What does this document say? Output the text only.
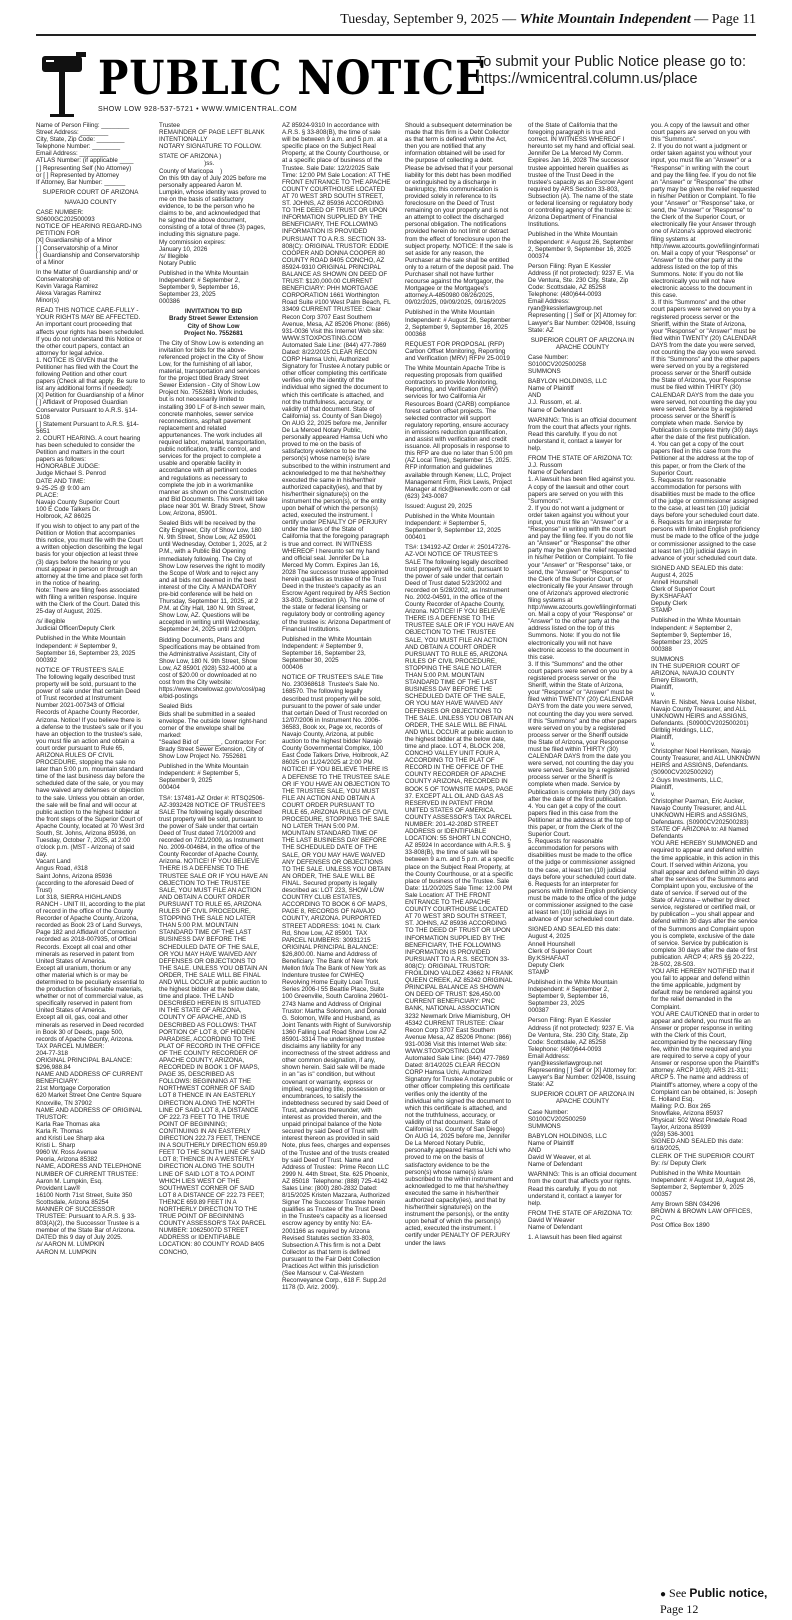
Tuesday, September 9, 2025 — White Mountain Independent — Page 11
PUBLIC NOTICE
SHOW LOW 928-537-5721 • WWW.WMICENTRAL.COM
To submit your Public Notice please go to: https://wmicentral.column.us/place

Name of Person Filing: ________
Street Address: ________
City, State, Zip Code: ________
Telephone Number: ________
Email Address: ________
ATLAS Number: (if applicable ____
[ ] Representing Self (No Attorney)
or [ ] Represented by Attorney
If Attorney, Bar Number: ______

SUPERIOR COURT OF ARIZONA

NAVAJO COUNTY

CASE NUMBER:
S0600GC202500093
NOTICE OF HEARING REGARD-ING PETITION FOR
[X] Guardianship of a Minor
[ ] Conservatorship of a Minor
[ ] Guardianship and Conservatorship of a Minor

In the Matter of Guardianship and/ or Conservatorship of:
Kevin Varaga Ramirez
Alexa Varagas Ramirez
Minor(s)

READ THIS NOTICE CARE-FULLY - YOUR RIGHTS MAY BE AFFECTED. An important court proceeding that affects your rights has been scheduled. If you do not understand this Notice or the other court papers, contact an attorney for legal advice.
1. NOTICE IS GIVEN that the Petitioner has filed with the Court the following Petition and other court papers (Check all that apply. Be sure to list any additional forms if needed):
[X] Petition for Guardianship of a Minor
[ ] Affidavit of Proposed Guardian Conservator Pursuant to A.R.S. §14-5108
[ ] Statement Pursuant to A.R.S. §14-5651
2. COURT HEARING. A court hearing has been scheduled to consider the Petition and matters in the court papers as follows:
HONORABLE JUDGE:
Judge Michael S. Penrod
DATE AND TIME:
9-25-25 @ 9:00 am
PLACE:
Navajo County Superior Court
100 E Code Talkers Dr.
Holbrook, AZ 86025

If you wish to object to any part of the Petition or Motion that accompanies this notice, you must file with the Court a written objection describing the legal basis for your objection at least three (3) days before the hearing or you must appear in person or through an attorney at the time and place set forth in the notice of hearing.
Note: There are filing fees associated with filing a written response. Inquire with the Clerk of the Court. Dated this 25-day of August, 2025.

/s/ illegible
Judicial Officer/Deputy Clerk

Published in the White Mountain Independent: # September 9, September 16, September 23, 2025
000392

NOTICE OF TRUSTEE'S SALE
The following legally described trust property will be sold, pursuant to the power of sale under that certain Deed of Trust recorded at Instrument Number 2021-007343 of Official Records of Apache County Recorder, Arizona. Notice! If you believe there is a defense to the trustee's sale or if you have an objection to the trustee's sale, you must file an action and obtain a court order pursuant to Rule 65, ARIZONA RULES OF CIVIL PROCEDURE, stopping the sale no later than 5:00 p.m. mountain standard time of the last business day before the scheduled date of the sale, or you may have waived any defenses or objection to the sale. Unless you obtain an order, the sale will be final and will occur at public auction to the highest bidder at the front steps of the Superior Court of Apache County, located at 70 West 3rd South, St. Johns, Arizona 85936, on Tuesday, October 7, 2025, at 2:00 o'clock p.m. (MST - Arizona) of said day.
Vacant Land
Angus Road, #318
Saint Johns, Arizona 85936
(according to the aforesaid Deed of Trust)
Lot 318, SIERRA HIGHLANDS RANCH - UNIT III, according to the plat of record in the office of the County Recorder of Apache County, Arizona, recorded as Book 23 of Land Surveys, Page 182 and Affidavit of Correction recorded as 2018-007935, of Official Records. Except all coal and other minerals as reserved in patent from United States of America.
Except all uranium, thorium or any other material which is or may be determined to be peculiarly essential to the production of fissionable materials, whether or not of commercial value, as specifically reserved in patent from United States of America.
Except all oil, gas, coal and other minerals as reserved in Deed recorded in Book 30 of Deeds, page 500, records of Apache County, Arizona.
TAX PARCEL NUMBER:
204-77-318
ORIGINAL PRINCIPAL BALANCE: $296,988.84
NAME AND ADDRESS OF CURRENT BENEFICIARY:
21st Mortgage Corporation
620 Market Street One Centre Square Knoxville, TN 37902
NAME AND ADDRESS OF ORIGINAL TRUSTOR:
Karla Rae Thomas aka
Karla R. Thomas
and Kristi Lee Sharp aka
Kristi L. Sharp
9960 W. Ross Avenue
Peoria, Arizona 85382
NAME, ADDRESS AND TELEPHONE NUMBER OF CURRENT TRUSTEE:
Aaron M. Lumpkin, Esq.
Provident Law®
16100 North 71st Street, Suite 350
Scottsdale, Arizona 85254
MANNER OF SUCCESSOR TRUSTEE: Pursuant to A.R.S. § 33-803(A)(2), the Successor Trustee is a member of the State Bar of Arizona.
DATED this 9 day of July 2025.
/s/ AARON M. LUMPKIN
AARON M. LUMPKIN

Trustee
REMAINDER OF PAGE LEFT BLANK INTENTIONALLY
NOTARY SIGNATURE TO FOLLOW.

STATE OF ARIZONA )
)ss.
County of Maricopa    )
On this 9th day of July 2025 before me personally appeared Aaron M. Lumpkin, whose identity was proved to me on the basis of satisfactory evidence, to be the person who he claims to be, and acknowledged that he signed the above document, consisting of a total of three (3) pages, including this signature page.
My commission expires:
January 10, 2026
/s/ Illegible
Notary Public

Published in the White Mountain  Independent: # September 2, September 9, September 16, September 23, 2025
000386

INVITATION TO BID
Brady Street Sewer Extension
City of Show Low
Project No. 7552681

The City of Show Low is extending an invitation for bids for the above-referenced project in the City of Show Low, for the furnishing of all labor, material, transportation and services for the project titled Brady Street Sewer Extension - City of Show Low Project No. 7552681 Work includes, but is not necessarily limited to installing 390 LF of 8-inch sewer main, concrete manholes, sewer service reconnections, asphalt pavement replacement and related appurtenances. The work includes all required labor, material, transportation, public notification, traffic control, and services for the project to complete a usable and operable facility in accordance with all pertinent codes and regulations as necessary to complete the job in a workmanlike manner as shown on the Construction and Bid Documents. This work will take place near 301 W. Brady Street, Show Low, Arizona, 85901.

Sealed Bids will be received by the City Engineer, City of Show Low, 180 N. 9th Street, Show Low, AZ 85901 until Wednesday, October 1, 2025, at 2 P.M., with a Public Bid Opening immediately following. The City of Show Low reserves the right to modify the Scope of Work and to reject any and all bids not deemed in the best interest of the City. A MANDATORY pre-bid conference will be held on Thursday, September 11, 2025, at 2 P.M. at City Hall, 180 N. 9th Street, Show Low, AZ. Questions will be accepted in writing until Wednesday, September 24, 2025 until 12:00pm.

Bidding Documents, Plans and Specifications may be obtained from the Administrative Assistant, City of Show Low, 180 N. 9th Street, Show Low, AZ 85901 (928) 532-4000 at a cost of $20.00 or downloaded at no cost from the City website:
https://www.showlowaz.gov/o/cosl/page/bid-postings

Sealed Bids
Bids shall be submitted in a sealed envelope. The outside lower right-hand corner of the envelope shall be marked:
"Sealed Bid of ______, Contractor For: Brady Street Sewer Extension, City of Show Low Project No. 7552681

Published in the White Mountain Independent: # September 5, September 9, 2025
000404

TS#: 137481-AZ Order #: RTSQ2506-AZ-3932428 NOTICE OF TRUSTEE'S SALE The following legally described trust property will be sold, pursuant to the power of Sale under that certain Deed of Trust dated 7/10/2009 and recorded on 7/21/2009, as Instrument No. 2009-004684, in the office of the County Recorder of Apache County, Arizona. NOTICE! IF YOU BELIEVE THERE IS A DEFENSE TO THE TRUSTEE SALE OR IF YOU HAVE AN OBJECTION TO THE TRUSTEE SALE, YOU MUST FILE AN ACTION AND OBTAIN A COURT ORDER PURSUANT TO RULE 65, ARIZONA RULES OF CIVIL PROCEDURE, STOPPING THE SALE NO LATER THAN 5:00 P.M. MOUNTAIN STANDARD TIME OF THE LAST BUSINESS DAY BEFORE THE SCHEDULED DATE OF THE SALE, OR YOU MAY HAVE WAIVED ANY DEFENSES OR OBJECTIONS TO THE SALE. UNLESS YOU OBTAIN AN ORDER, THE SALE WILL BE FINAL AND WILL OCCUR at public auction to the highest bidder at the below date, time and place. THE LAND DESCRIBED HEREIN IS SITUATED IN THE STATE OF ARIZONA, COUNTY OF APACHE, AND IS DESCRIBED AS FOLLOWS: THAT PORTION OF LOT 8, OF HIDDEN PARADISE, ACCORDING TO THE PLAT OF RECORD IN THE OFFICE OF THE COUNTY RECORDER OF APACHE COUNTY, ARIZONA, RECORDED IN BOOK 1 OF MAPS, PAGE 35, DESCRIBED AS FOLLOWS: BEGINNING AT THE NORTHWEST CORNER OF SAID LOT 8 THENCE IN AN EASTERLY DIRECTION ALONG THE NORTH LINE OF SAID LOT 8, A DISTANCE OF 222.73 FEET TO THE TRUE POINT OF BEGINNING; CONTINUING IN AN EASTERLY DIRECTION 222.73 FEET, THENCE IN A SOUTHERLY DIRECTION 659.89 FEET TO THE SOUTH LINE OF SAID LOT 8; THENCE IN A WESTERLY DIRECTION ALONG THE SOUTH LINE OF SAID LOT 8 TO A POINT WHICH LIES WEST OF THE SOUTHWEST CORNER OF SAID LOT 8 A DISTANCE OF 222.73 FEET; THENCE 659.89 FEET IN A NORTHERLY DIRECTION TO THE TRUE POINT OF BEGINNING COUNTY ASSESSOR'S TAX PARCEL NUMBER: 10625007D STREET ADDRESS or IDENTIFIABLE LOCATION: 80 COUNTY ROAD 8405 CONCHO,

AZ 85924-9310 In accordance with A.R.S. § 33-808(B), the time of sale will be between 9 a.m. and 5 p.m. at a specific place on the Subject Real Property, at the County Courthouse, or at a specific place of business of the Trustee. Sale Date: 12/2/2025 Sale Time: 12:00 PM Sale Location: AT THE FRONT ENTRANCE TO THE APACHE COUNTY COURTHOUSE LOCATED AT 70 WEST 3RD SOUTH STREET, ST. JOHNS, AZ 85936 ACCORDING TO THE DEED OF TRUST OR UPON INFORMATION SUPPLIED BY THE BENEFICIARY, THE FOLLOWING INFORMATION IS PROVIDED PURSUANT TO A.R.S. SECTION 33-808(C): ORIGINAL TRUSTOR: EDDIE COOPER AND DONNA COOPER 80 COUNTY ROAD 8405 CONCHO, AZ 85924-9310 ORIGINAL PRINCIPAL BALANCE AS SHOWN ON DEED OF TRUST: $120,000.00 CURRENT BENEFICIARY: PHH MORTGAGE CORPORATION 1661 Worthington Road Suite #100 West Palm Beach, FL 33409 CURRENT TRUSTEE: Clear Recon Corp 3707 East Southern Avenue, Mesa, AZ 85206 Phone: (866) 931-0036 Visit this Internet Web site: WWW.STOXPOSTING.COM Automated Sale Line: (844) 477-7869 Dated: 8/22/2025 CLEAR RECON CORP Hamsa Uchi, Authorized Signatory for Trustee A notary public or other officer completing this certificate verifies only the identity of the individual who signed the document to which this certificate is attached, and not the truthfulness, accuracy, or validity of that document. State of California) ss. County of San Diego) On AUG 22, 2025 before me, Jennifer De La Merced Notary Public, personally appeared Hamsa Uchi who proved to me on the basis of satisfactory evidence to be the person(s) whose name(s) is/are subscribed to the within instrument and acknowledged to me that he/she/they executed the same in his/her/their authorized capacity(ies), and that by his/her/their signature(s) on the instrument the person(s), or the entity upon behalf of which the person(s) acted, executed the instrument. I certify under PENALTY OF PERJURY under the laws of the State of California that the foregoing paragraph is true and correct. IN WITNESS WHEREOF I hereunto set my hand and official seal. Jennifer De La Merced My Comm. Expires Jan 16, 2028 The successor trustee appointed herein qualifies as trustee of the Trust Deed in the trustee's capacity as an Escrow Agent required by ARS Section 33-803, Subsection (A). The name of the state or federal licensing or regulatory body or controlling agency of the trustee is: Arizona Department of Financial Institutions.

Published in the White Mountain  Independent: # September 9, September 16, September 23, September 30, 2025
000406

NOTICE OF TRUSTEE'S SALE Title No. 230368618  Trustee's Sale No. 168570. The following legally described trust property will be sold, pursuant to the power of sale under that certain Deed of Trust recorded on 12/07/2006 in Instrument No. 2006-36583, Book xx, Page xx, records of Navajo County, Arizona, at public auction to the highest bidder Navajo County Governmental Complex, 100 East Code Talkers Drive, Holbrook, AZ 86025 on 11/24/2025 at 2:00 PM. NOTICE! IF YOU BELIEVE THERE IS A DEFENSE TO THE TRUSTEE SALE OR IF YOU HAVE AN OBJECTION TO THE TRUSTEE SALE, YOU MUST FILE AN ACTION AND OBTAIN A COURT ORDER PURSUANT TO RULE 65, ARIZONA RULES OF CIVIL PROCEDURE, STOPPING THE SALE NO LATER THAN 5:00 P.M. MOUNTAIN STANDARD TIME OF THE LAST BUSINESS DAY BEFORE THE SCHEDULED DATE OF THE SALE, OR YOU MAY HAVE WAIVED ANY DEFENSES OR OBJECTIONS TO THE SALE. UNLESS YOU OBTAIN AN ORDER, THE SALE WILL BE FINAL. Secured property is legally described as: LOT 223, SHOW LOW COUNTRY CLUB ESTATES, ACCORDING TO BOOK 6 OF MAPS, PAGE 8, RECORDS OF NAVAJO COUNTY, ARIZONA. PURPORTED STREET ADDRESS: 1041 N. Clark Rd, Show Low, AZ 85901  TAX PARCEL NUMBERS: 30931215 ORIGINAL PRINCIPAL BALANCE: $26,800.00. Name and Address of Beneficiary: The Bank of New York Mellon f/k/a The Bank of New York as Indenture trustee for CWHEQ  Revolving Home Equity Loan Trust, Series 2006-I 55 Beattie Place, Suite 100 Greenville, South Carolina 29601-2743 Name and Address of Original Trustor: Martha Solomon, and Donald G. Solomon, Wife and Husband, as Joint Tenants with Right of Survivorship 1360 Falling Leaf Road Show Low AZ 85901-3314 The undersigned trustee disclaims any liability for any incorrectness of the street address and other common designation, if any, shown herein. Said sale will be made in an "as is" condition, but without covenant or warranty, express or implied, regarding title, possession or encumbrances, to satisfy the indebtedness secured by said Deed of Trust, advances thereunder, with interest as provided therein, and the unpaid principal balance of the Note secured by said Deed of Trust with interest thereon as provided in said Note, plus fees, charges and expenses of the Trustee and of the trusts created by said Deed of Trust. Name and Address of Trustee:  Prime Recon LLC 2999 N. 44th Street, Ste. 625 Phoenix, AZ 85018  Telephone: (888) 725-4142 Sales Line: (800) 280-2832 Dated: 8/15/2025 Kristen Mazzara, Authorized Signer The Successor Trustee herein qualifies as Trustee of the Trust Deed in the Trustee's capacity as a licensed escrow agency by entity No: EA-2001166 as required by Arizona Revised Statutes section 33-803, Subsection A This firm is not a Debt Collector as that term is defined pursuant to the Fair Debt Collection Practices Act within this jurisdiction (See Mansour v. Cal-Western Reconveyance Corp., 618 F. Supp.2d 1178 (D. Ariz. 2009).

Should a subsequent determination be made that this firm is a Debt Collector as that term is defined within the Act, then you are notified that any information obtained will be used for the purpose of collecting a debt. Please be advised that if your personal liability for this debt has been modified or extinguished by a discharge in bankruptcy, this communication is provided solely in reference to its foreclosure on the Deed of Trust remaining on your property and is not an attempt to collect the discharged personal obligation. The notifications provided herein do not limit or detract from the effect of foreclosure upon the subject property. NOTICE: If the sale is set aside for any reason, the Purchaser at the sale shall be entitled only to a return of the deposit paid. The Purchaser shall not have further recourse against the Mortgagor, the Mortgagee or the Mortgagee's attorney.A-4850980 08/26/2025, 09/02/2025, 09/09/2025, 09/16/2025

Published in the White Mountain Independent: # August 26, September 2, September 9, September 16, 2025
000368

REQUEST FOR PROPOSAL (RFP) Carbon Offset Monitoring, Reporting and Verification (MRV) RFP# 25-0019

The White Mountain Apache Tribe is requesting proposals from qualified contractors to provide Monitoring, Reporting, and Verification (MRV) services for two California Air Resources Board (CARB) compliance forest carbon offset projects. The selected contractor will support regulatory reporting, ensure accuracy in emissions reduction quantification, and assist with verification and credit issuance. All proposals in response to this RFP are due no later than 5:00 pm (AZ Local Time), September 15, 2025.  RFP information and guidelines available through Kenew, LLC, Project Management Firm, Rick Lewis, Project Manager at rick@kenewllc.com or call (623) 243-0087

Issued: August 29, 2025

Published in the White Mountain Independent: # September 5, September 9, September 12, 2025
000401

TS#: 134192-AZ Order #: 250147276-AZ-VOI NOTICE OF TRUSTEE'S SALE The following legally described trust property will be sold, pursuant to the power of sale under that certain Deed of Trust dated 5/23/2002 and recorded on 5/28/2002, as Instrument No. 2002-04591, in the office of the County Recorder of Apache County, Arizona. NOTICE! IF YOU BELIEVE THERE IS A DEFENSE TO THE TRUSTEE SALE OR IF YOU HAVE AN OBJECTION TO THE TRUSTEE SALE, YOU MUST FILE AN ACTION AND OBTAIN A COURT ORDER PURSUANT TO RULE 65, ARIZONA RULES OF CIVIL PROCEDURE, STOPPING THE SALE NO LATER THAN 5:00 P.M. MOUNTAIN STANDARD TIME OF THE LAST BUSINESS DAY BEFORE THE SCHEDULED DATE OF THE SALE, OR YOU MAY HAVE WAIVED ANY DEFENSES OR OBJECTIONS TO THE SALE. UNLESS YOU OBTAIN AN ORDER, THE SALE WILL BE FINAL AND WILL OCCUR at public auction to the highest bidder at the below date, time and place. LOT 4, BLOCK 208, CONCHO VALLEY UNIT FOUR A, ACCORDING TO THE PLAT OF RECORD IN THE OFFICE OF THE COUNTY RECORDER OF APACHE COUNTY ARIZONA, RECORDED IN BOOK 5 OF TOWNSITE MAPS, PAGE 37. EXCEPT ALL OIL AND GAS AS RESERVED IN PATENT FROM UNITED STATES OF AMERICA. COUNTY ASSESSOR'S TAX PARCEL NUMBER: 201-42-208D STREET ADDRESS or IDENTIFIABLE LOCATION: 55 SHORT LN CONCHO, AZ 85924 In accordance with A.R.S. § 33-808(B), the time of sale will be between 9 a.m. and 5 p.m. at a specific place on the Subject Real Property, at the County Courthouse, or at a specific place of business of the Trustee. Sale Date: 11/20/2025 Sale Time: 12:00 PM Sale Location: AT THE FRONT ENTRANCE TO THE APACHE COUNTY COURTHOUSE LOCATED AT 70 WEST 3RD SOUTH STREET, ST. JOHNS, AZ 85936 ACCORDING TO THE DEED OF TRUST OR UPON INFORMATION SUPPLIED BY THE BENEFICIARY, THE FOLLOWING INFORMATION IS PROVIDED PURSUANT TO A.R.S. SECTION 33-808(C): ORIGINAL TRUSTOR: FROILDINO VALDEZ 43662 N FRANK QUEEN CREEK, AZ 85242 ORIGINAL PRINCIPAL BALANCE AS SHOWN ON DEED OF TRUST: $26,450.00 CURRENT BENEFICIARY: PNC BANK, NATIONAL ASSOCIATION 3232 Newmark Drive Miamisburg, OH 45342 CURRENT TRUSTEE: Clear Recon Corp 3707 East Southern Avenue Mesa, AZ 85206 Phone: (866) 931-0036 Visit this Internet Web site: WWW.STOXPOSTING.COM Automated Sale Line: (844) 477-7869 Dated: 8/14/2025 CLEAR RECON CORP Hamsa Uchi, Authorized Signatory for Trustee A notary public or other officer completing this certificate verifies only the identity of the individual who signed the document to which this certificate is attached, and not the truthfulness, accuracy, or validity of that document. State of California) ss. County of San Diego) On AUG 14, 2025 before me, Jennifer De La Merced Notary Public, personally appeared Hamsa Uchi who proved to me on the basis of satisfactory evidence to be the person(s) whose name(s) is/are subscribed to the within instrument and acknowledged to me that he/she/they executed the same in his/her/their authorized capacity(ies), and that by his/her/their signature(s) on the instrument the person(s), or the entity upon behalf of which the person(s) acted, executed the instrument. I certify under PENALTY OF PERJURY under the laws

of the State of California that the foregoing paragraph is true and correct. IN WITNESS WHEREOF I hereunto set my hand and official seal. Jennifer De La Merced My Comm. Expires Jan 16, 2028 The successor trustee appointed herein qualifies as trustee of the Trust Deed in the trustee's capacity as an Escrow Agent required by ARS Section 33-803, Subsection (A). The name of the state or federal licensing or regulatory body or controlling agency of the trustee is: Arizona Department of Financial Institutions.

Published in the White Mountain Independent: # August 26, September 2, September 9, September 16, 2025
000374

Person Filing: Ryan E Kessler
Address (if not protected): 9237 E. Via De Ventura, Ste. 230 City, State, Zip Code: Scottsdale, AZ 85258
Telephone: (480)644-0093
Email Address:
ryan@kesslerlawgroup.net Representing [ ] Self or [X] Attorney for: Lawyer's Bar Number: 029408, Issuing State: AZ

SUPERIOR COURT OF ARIZONA IN APACHE COUNTY

Case Number:
S0100CV202500258
SUMMONS

BABYLON HOLDINGS, LLC
Name of Plaintiff
AND
J.J. Russom, et. al.
Name of Defendant

WARNING: This is an official document from the court that affects your rights. Read this carefully. If you do not understand it, contact a lawyer for help.

FROM THE STATE OF ARIZONA TO: J.J. Russom
Name of Defendant
1. A lawsuit has been filed against you. A copy of the lawsuit and other court papers are served on you with this "Summons".
2. If you do not want a judgment or order taken against you without your input, you must file an "Answer" or a "Response" in writing with the court and pay the filing fee. If you do not file an "Answer" or "Response" the other party may be given the relief requested in his/her Petition or Complaint. To file your "Answer" or "Response" take, or send, the "Answer" or "Response" to the Clerk of the Superior Court, or electronically file your Answer through one of Arizona's approved electronic filing systems at http://www.azcourts.gov/efilinginformation. Mail a copy of your "Response" or "Answer" to the other party at the address listed on the top of this Summons. Note: If you do not file electronically you will not have electronic access to the document in this case.
3. If this "Summons" and the other court papers were served on you by a registered process server or the Sheriff, within the State of Arizona, your "Response" or "Answer" must be filed within TWENTY (20) CALENDAR DAYS from the date you were served, not counting the day you were served. If this "Summons" and the other papers were served on you by a registered process server or the Sheriff outside the State of Arizona, your Response must be filed within THIRTY (30) CALENDAR DAYS from the date you were served, not counting the day you were served. Service by a registered process server or the Sheriff is complete when made. Service by Publication is complete thirty (30) days after the date of the first publication.
4. You can get a copy of the court papers filed in this case from the Petitioner at the address at the top of this paper, or from the Clerk of the Superior Court.
5. Requests for reasonable accommodation for persons with disabilities must be made to the office of the judge or commissioner assigned to the case, at least ten (10) judicial days before your scheduled court date.
6. Requests for an interpreter for persons with limited English proficiency must be made to the office of the judge or commissioner assigned to the case at least ten (10) judicial days in advance of your scheduled court date.

SIGNED AND SEALED this date: August 4, 2025
Annell Hounshell
Clerk of Superior Court
By:KSHAFAAT
Deputy Clerk
STAMP

Published in the White Mountain  Independent: # September 2, September 9, September 16, September 23, 2025
000387

Person Filing: Ryan E Kessler
Address (if not protected): 9237 E. Via De Ventura, Ste. 230 City, State, Zip Code: Scottsdale, AZ 85258
Telephone: (480)644-0093
Email Address:
ryan@kesslerlawgroup.net Representing [ ] Self or [X] Attorney for: Lawyer's Bar Number: 029408, Issuing State: AZ

SUPERIOR COURT OF ARIZONA IN APACHE COUNTY

Case Number:
S0100CV202500259
SUMMONS

BABYLON HOLDINGS, LLC
Name of Plaintiff
AND
David W Weaver, et al.
Name of Defendant

WARNING: This is an official document from the court that affects your rights. Read this carefully. If you do not understand it, contact a lawyer for help.

FROM THE STATE OF ARIZONA TO: David W Weaver
Name of Defendant

1. A lawsuit has been filed against

you. A copy of the lawsuit and other court papers are served on you with this "Summons".
2. If you do not want a judgment or order taken against you without your input, you must file an "Answer" or a "Response" in writing with the court and pay the filing fee. If you do not file an "Answer" or "Response" the other party may be given the relief requested in his/her Petition or Complaint. To file your "Answer" or "Response" take, or send, the "Answer" or "Response" to the Clerk of the Superior Court, or electronically file your Answer through one of Arizona's approved electronic filing systems at http://www.azcourts.gov/efilinginformation. Mail a copy of your "Response" or "Answer" to the other party at the address listed on the top of this Summons. Note: If you do not file electronically you will not have electronic access to the document in this case.
3. If this "Summons" and the other court papers were served on you by a registered process server or the Sheriff, within the State of Arizona, your "Response" or "Answer" must be filed within TWENTY (20) CALENDAR DAYS from the date you were served, not counting the day you were served. If this "Summons" and the other papers were served on you by a registered process server or the Sheriff outside the State of Arizona, your Response must be filed within THIRTY (30) CALENDAR DAYS from the date you were served, not counting the day you were served. Service by a registered process server or the Sheriff is complete when made. Service by Publication is complete thirty (30) days after the date of the first publication.
4. You can get a copy of the court papers filed in this case from the Petitioner at the address at the top of this paper, or from the Clerk of the Superior Court.
5. Requests for reasonable accommodation for persons with disabilities must be made to the office of the judge or commissioner assigned to the case, at least ten (10) judicial days before your scheduled court date.
6. Requests for an interpreter for persons with limited English proficiency must be made to the office of the judge or commissioner assigned to the case at least ten (10) judicial days in advance of your scheduled court date.

SIGNED AND SEALED this date: August 4, 2025
Annell Hounshell
Clerk of Superior Court
By:KSHAFAAT
Deputy Clerk
STAMP

Published in the White Mountain  Independent: # September 2, September 9, September 16, September 23, 2025
000388

SUMMONS
IN THE SUPERIOR COURT OF ARIZONA, NAVAJO COUNTY
Emery Ellsworth,
Plaintiff,
v.
Marvin E. Nisbet, Neva Louise Nisbet, Navajo County Treasurer, and ALL UNKNOWN HEIRS and ASSIGNS,
Defendants. (S0900CV202500201)
Glrlblig Holdings, LLC,
Plaintiff,
v.
Christopher Noel Henriksen, Navajo County Treasurer, and ALL UNKNOWN HEIRS and ASSIGNS, Defendants. (S0900CV202500292)
2 Guys Investments, LLC,
Plaintiff,
v.
Christopher Paxman, Eric Aucker, Navajo County Treasurer, and ALL UNKNOWN HEIRS and ASSIGNS, Defendants. (S0900CV202500283)
STATE OF ARIZONA to: All Named Defendants
YOU ARE HEREBY SUMMONED and required to appear and defend within the time applicable, in this action in this Court. If served within Arizona, you shall appear and defend within 20 days after the services of the Summons and Complaint upon you, exclusive of the date of service. If served out of the State of Arizona – whether by direct service, registered or certified mail, or by publication – you shall appear and defend within 30 days after the service of the Summons and Complaint upon you is complete, exclusive of the date of service. Service by publication is complete 30 days after the date of first publication. ARCP 4; ARS §§ 20-222, 28-502, 28-503.
YOU ARE HEREBY NOTIFIED that if you fail to appear and defend within the time applicable, judgment by default may be rendered against you for the relief demanded in the Complaint.
YOU ARE CAUTIONED that in order to appear and defend, you must file an Answer or proper response in writing with the Clerk of this Court, accompanied by the necessary filing fee, within the time required and you are required to serve a copy of your Answer or response upon the Plaintiff's attorney. ARCP 10(d); ARS 21-311; ARCP 5. The name and address of Plaintiff's attorney, where a copy of the Complaint can be obtained, is: Joseph E. Holland Esq.
Mailing: P.O. Box 265
Snowflake, Arizona 85937
Physical: 502 West Pinedale Road Taylor, Arizona 85939
(928) 536-3001
SIGNED AND SEALED this date: 6/18/2025,
CLERK OF THE SUPERIOR COURT
By: /s/ Deputy Clerk

Published in the White Mountain Independent: # August 19, August 26, September 2, September 9, 2025
000357

Amy Brown SBN 034296
BROWN & BROWN LAW OFFICES, P.C.
Post Office Box 1890

● See Public notice,
Page 12
